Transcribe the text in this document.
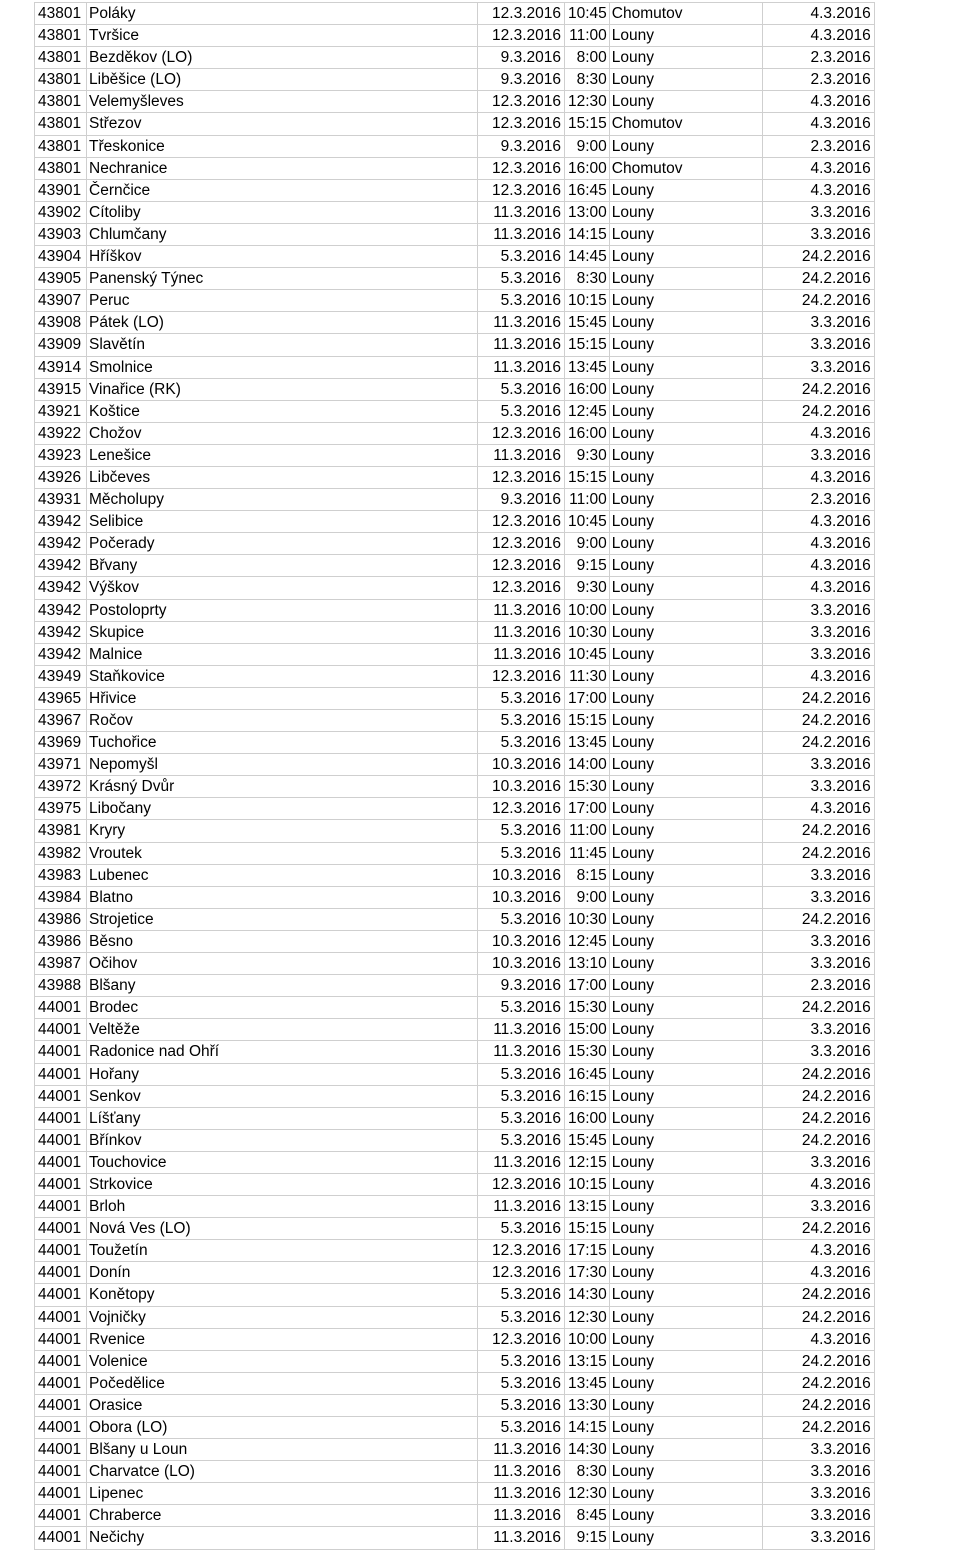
43801	Poláky	12.3.2016	10:45	Chomutov	4.3.2016
43801	Tvršice	12.3.2016	11:00	Louny	4.3.2016
43801	Bezděkov (LO)	9.3.2016	8:00	Louny	2.3.2016
43801	Liběšice (LO)	9.3.2016	8:30	Louny	2.3.2016
43801	Velemyšleves	12.3.2016	12:30	Louny	4.3.2016
43801	Střezov	12.3.2016	15:15	Chomutov	4.3.2016
43801	Třeskonice	9.3.2016	9:00	Louny	2.3.2016
43801	Nechranice	12.3.2016	16:00	Chomutov	4.3.2016
43901	Černčice	12.3.2016	16:45	Louny	4.3.2016
43902	Cítoliby	11.3.2016	13:00	Louny	3.3.2016
43903	Chlumčany	11.3.2016	14:15	Louny	3.3.2016
43904	Hříškov	5.3.2016	14:45	Louny	24.2.2016
43905	Panenský Týnec	5.3.2016	8:30	Louny	24.2.2016
43907	Peruc	5.3.2016	10:15	Louny	24.2.2016
43908	Pátek (LO)	11.3.2016	15:45	Louny	3.3.2016
43909	Slavětín	11.3.2016	15:15	Louny	3.3.2016
43914	Smolnice	11.3.2016	13:45	Louny	3.3.2016
43915	Vinařice (RK)	5.3.2016	16:00	Louny	24.2.2016
43921	Koštice	5.3.2016	12:45	Louny	24.2.2016
43922	Chožov	12.3.2016	16:00	Louny	4.3.2016
43923	Lenešice	11.3.2016	9:30	Louny	3.3.2016
43926	Libčeves	12.3.2016	15:15	Louny	4.3.2016
43931	Měcholupy	9.3.2016	11:00	Louny	2.3.2016
43942	Selibice	12.3.2016	10:45	Louny	4.3.2016
43942	Počerady	12.3.2016	9:00	Louny	4.3.2016
43942	Břvany	12.3.2016	9:15	Louny	4.3.2016
43942	Výškov	12.3.2016	9:30	Louny	4.3.2016
43942	Postoloprty	11.3.2016	10:00	Louny	3.3.2016
43942	Skupice	11.3.2016	10:30	Louny	3.3.2016
43942	Malnice	11.3.2016	10:45	Louny	3.3.2016
43949	Staňkovice	12.3.2016	11:30	Louny	4.3.2016
43965	Hřivice	5.3.2016	17:00	Louny	24.2.2016
43967	Ročov	5.3.2016	15:15	Louny	24.2.2016
43969	Tuchořice	5.3.2016	13:45	Louny	24.2.2016
43971	Nepomyšl	10.3.2016	14:00	Louny	3.3.2016
43972	Krásný Dvůr	10.3.2016	15:30	Louny	3.3.2016
43975	Libočany	12.3.2016	17:00	Louny	4.3.2016
43981	Kryry	5.3.2016	11:00	Louny	24.2.2016
43982	Vroutek	5.3.2016	11:45	Louny	24.2.2016
43983	Lubenec	10.3.2016	8:15	Louny	3.3.2016
43984	Blatno	10.3.2016	9:00	Louny	3.3.2016
43986	Strojetice	5.3.2016	10:30	Louny	24.2.2016
43986	Běsno	10.3.2016	12:45	Louny	3.3.2016
43987	Očihov	10.3.2016	13:10	Louny	3.3.2016
43988	Blšany	9.3.2016	17:00	Louny	2.3.2016
44001	Brodec	5.3.2016	15:30	Louny	24.2.2016
44001	Veltěže	11.3.2016	15:00	Louny	3.3.2016
44001	Radonice nad Ohří	11.3.2016	15:30	Louny	3.3.2016
44001	Hořany	5.3.2016	16:45	Louny	24.2.2016
44001	Senkov	5.3.2016	16:15	Louny	24.2.2016
44001	Líšťany	5.3.2016	16:00	Louny	24.2.2016
44001	Břínkov	5.3.2016	15:45	Louny	24.2.2016
44001	Touchovice	11.3.2016	12:15	Louny	3.3.2016
44001	Strkovice	12.3.2016	10:15	Louny	4.3.2016
44001	Brloh	11.3.2016	13:15	Louny	3.3.2016
44001	Nová Ves (LO)	5.3.2016	15:15	Louny	24.2.2016
44001	Toužetín	12.3.2016	17:15	Louny	4.3.2016
44001	Donín	12.3.2016	17:30	Louny	4.3.2016
44001	Konětopy	5.3.2016	14:30	Louny	24.2.2016
44001	Vojničky	5.3.2016	12:30	Louny	24.2.2016
44001	Rvenice	12.3.2016	10:00	Louny	4.3.2016
44001	Volenice	5.3.2016	13:15	Louny	24.2.2016
44001	Počedělice	5.3.2016	13:45	Louny	24.2.2016
44001	Orasice	5.3.2016	13:30	Louny	24.2.2016
44001	Obora (LO)	5.3.2016	14:15	Louny	24.2.2016
44001	Blšany u Loun	11.3.2016	14:30	Louny	3.3.2016
44001	Charvatce (LO)	11.3.2016	8:30	Louny	3.3.2016
44001	Lipenec	11.3.2016	12:30	Louny	3.3.2016
44001	Chraberce	11.3.2016	8:45	Louny	3.3.2016
44001	Nečichy	11.3.2016	9:15	Louny	3.3.2016
